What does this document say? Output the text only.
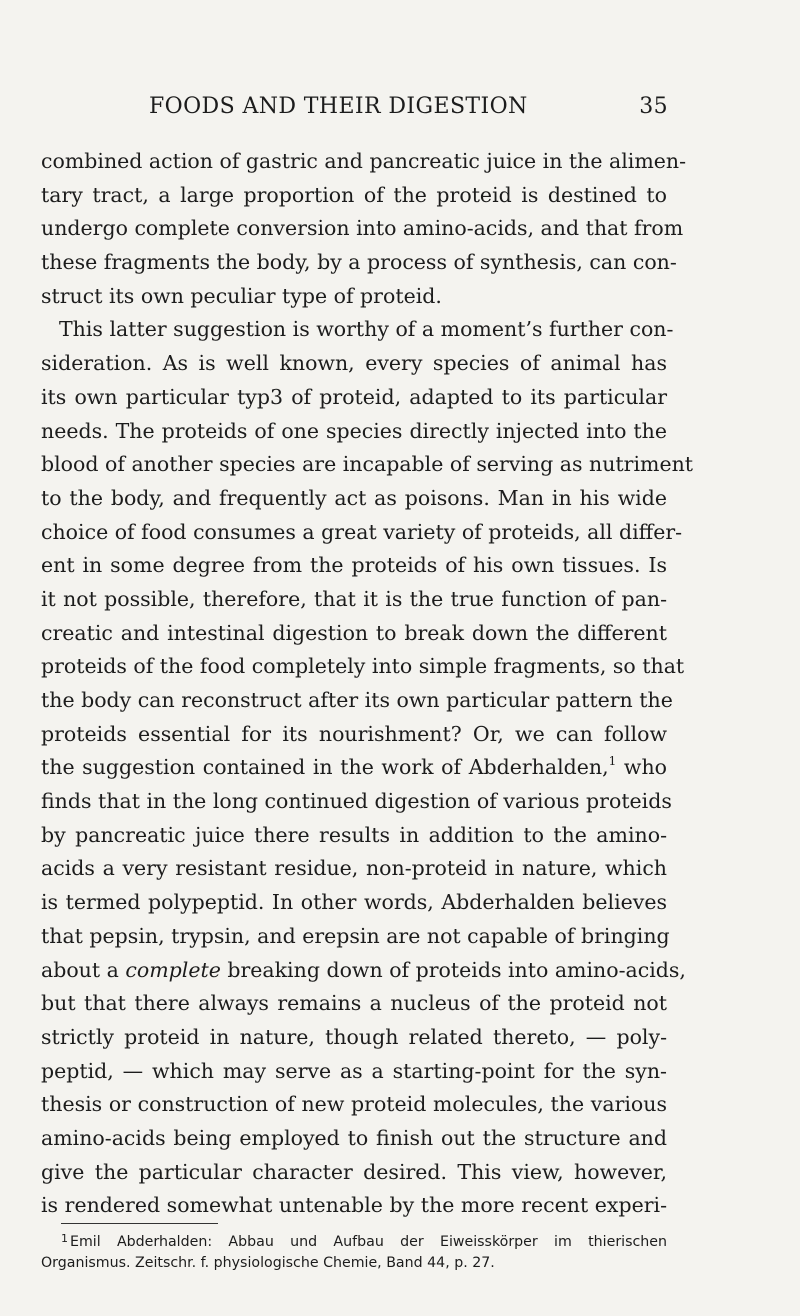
FOODS AND THEIR DIGESTION	35
combined action of gastric and pancreatic juice in the alimen-
tary tract, a large proportion of the proteid is destined to
undergo complete conversion into amino-acids, and that from
these fragments the body, by a process of synthesis, can con-
struct its own peculiar type of proteid.
This latter suggestion is worthy of a moment’s further con-
sideration. As is well known, every species of animal has
its own particular typ3 of proteid, adapted to its particular
needs. The proteids of one species directly injected into the
blood of another species are incapable of serving as nutriment
to the body, and frequently act as poisons. Man in his wide
choice of food consumes a great variety of proteids, all differ-
ent in some degree from the proteids of his own tissues. Is
it not possible, therefore, that it is the true function of pan-
creatic and intestinal digestion to break down the different
proteids of the food completely into simple fragments, so that
the body can reconstruct after its own particular pattern the
proteids essential for its nourishment? Or, we can follow
the suggestion contained in the work of Abderhalden,$^1$ who
finds that in the long continued digestion of various proteids
by pancreatic juice there results in addition to the amino-
acids a very resistant residue, non-proteid in nature, which
is termed polypeptid. In other words, Abderhalden believes
that pepsin, trypsin, and erepsin are not capable of bringing
about a complete breaking down of proteids into amino-acids,
but that there always remains a nucleus of the proteid not
strictly proteid in nature, though related thereto, — poly-
peptid, — which may serve as a starting-point for the syn-
thesis or construction of new proteid molecules, the various
amino-acids being employed to finish out the structure and
give the particular character desired. This view, however,
is rendered somewhat untenable by the more recent experi-
$^1$ Emil Abderhalden: Abbau und Aufbau der Eiweisskörper im thierischen
Organismus. Zeitschr. f. physiologische Chemie, Band 44, p. 27.
